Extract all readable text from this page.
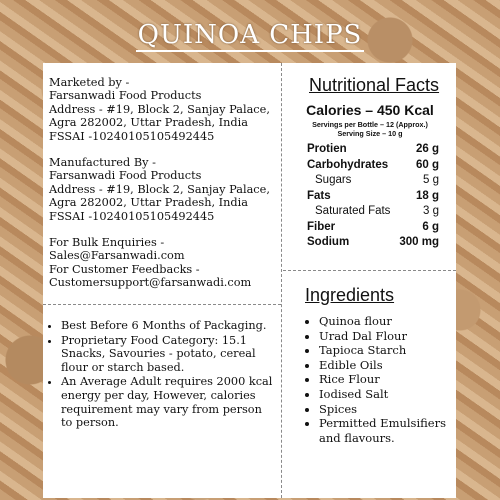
QUINOA CHIPS

Marketed by -
Farsanwadi Food Products
Address - #19, Block 2, Sanjay Palace,
Agra 282002, Uttar Pradesh, India
FSSAI -10240105105492445

Manufactured By -
Farsanwadi Food Products
Address - #19, Block 2, Sanjay Palace,
Agra 282002, Uttar Pradesh, India
FSSAI -10240105105492445

For Bulk Enquiries -
Sales@Farsanwadi.com
For Customer Feedbacks -
Customersupport@farsanwadi.com

• Best Before 6 Months of Packaging.
• Proprietary Food Category: 15.1 Snacks, Savouries - potato, cereal flour or starch based.
• An Average Adult requires 2000 kcal energy per day, However, calories requirement may vary from person to person.
Nutritional Facts
Calories – 450 Kcal
Servings per Bottle – 12 (Approx.)
Serving Size – 10 g
Protien	26 g
Carbohydrates 60 g
Sugars	5 g
Fats	18 g
Saturated Fats	3 g
Fiber	6 g
Sodium	300 mg
Ingredients
• Quinoa flour
• Urad Dal Flour
• Tapioca Starch
• Edible Oils
• Rice Flour
• Iodised Salt
• Spices
• Permitted Emulsifiers and flavours.
